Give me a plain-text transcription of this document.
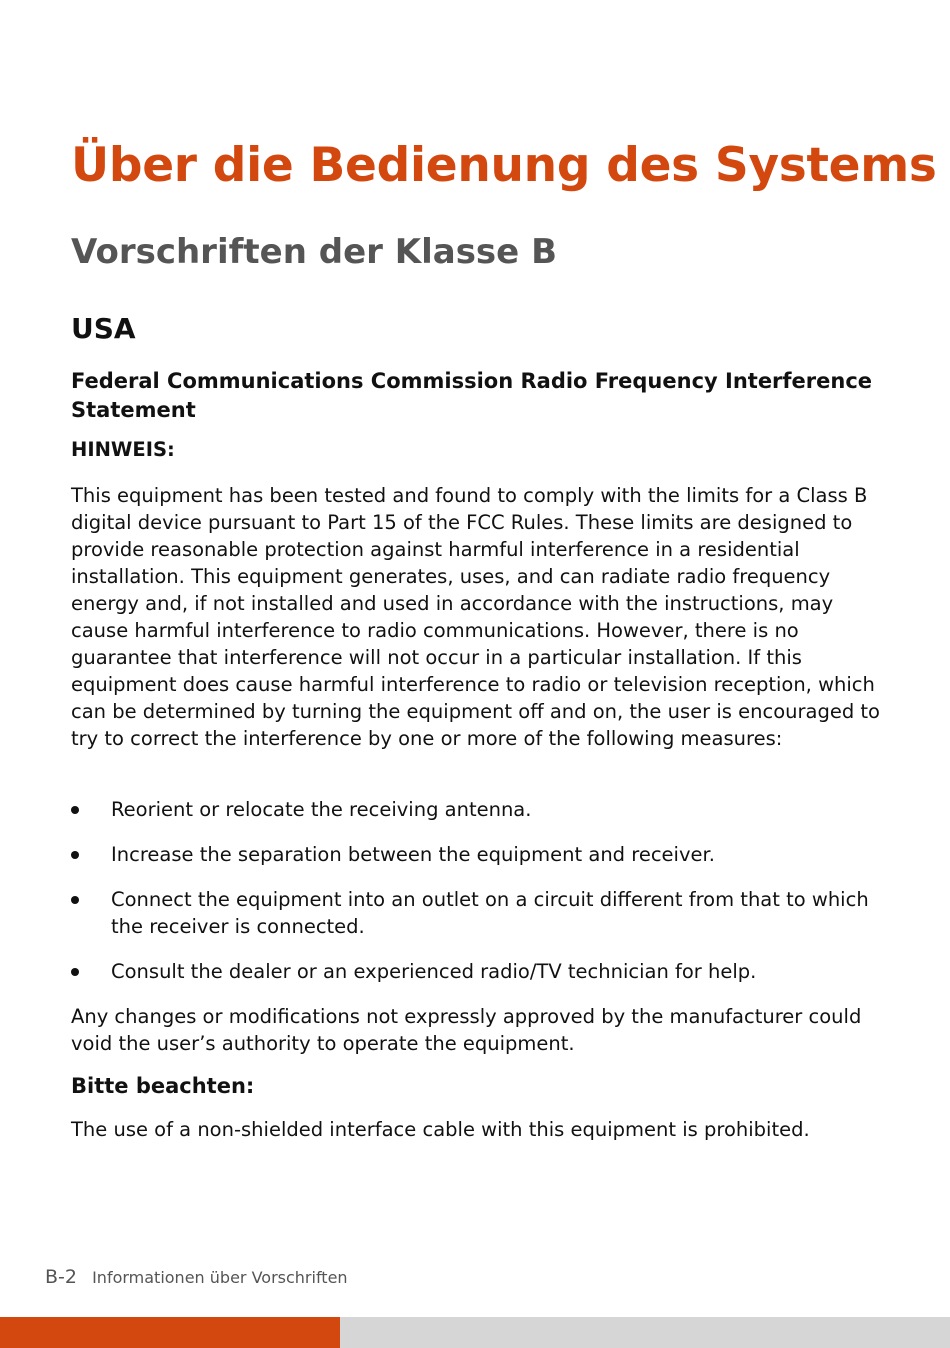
Über die Bedienung des Systems
Vorschriften der Klasse B
USA
Federal Communications Commission Radio Frequency Interference Statement
HINWEIS:

This equipment has been tested and found to comply with the limits for a Class B digital device pursuant to Part 15 of the FCC Rules. These limits are designed to provide reasonable protection against harmful interference in a residential installation. This equipment generates, uses, and can radiate radio frequency energy and, if not installed and used in accordance with the instructions, may cause harmful interference to radio communications. However, there is no guarantee that interference will not occur in a particular installation. If this equipment does cause harmful interference to radio or television reception, which can be determined by turning the equipment off and on, the user is encouraged to try to correct the interference by one or more of the following measures:

Reorient or relocate the receiving antenna.
Increase the separation between the equipment and receiver.
Connect the equipment into an outlet on a circuit different from that to which the receiver is connected.
Consult the dealer or an experienced radio/TV technician for help.

Any changes or modifications not expressly approved by the manufacturer could void the user’s authority to operate the equipment.

Bitte beachten:

The use of a non-shielded interface cable with this equipment is prohibited.

B-2 Informationen über Vorschriften
